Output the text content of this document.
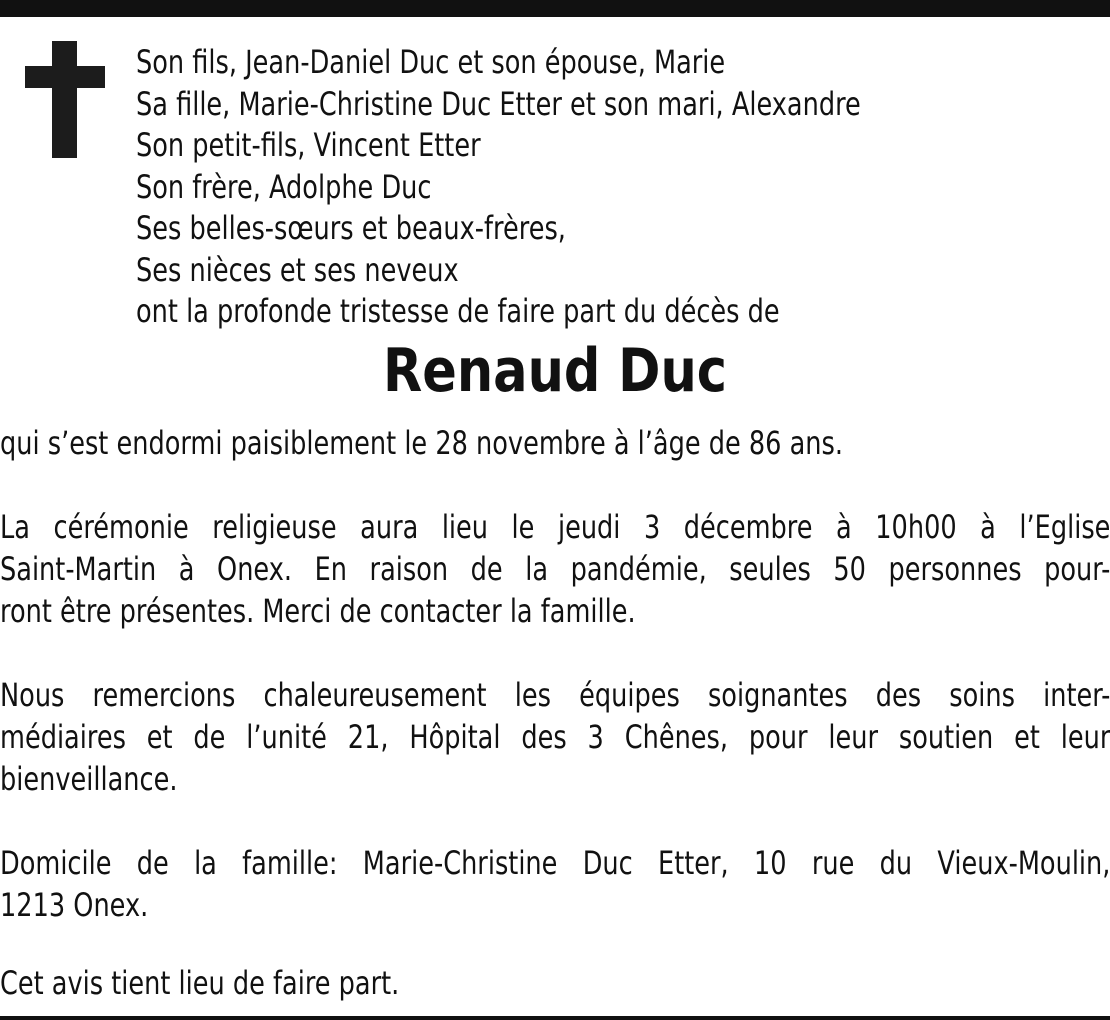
Son fils, Jean-Daniel Duc et son épouse, Marie
Sa fille, Marie-Christine Duc Etter et son mari, Alexandre
Son petit-fils, Vincent Etter
Son frère, Adolphe Duc
Ses belles-sœurs et beaux-frères,
Ses nièces et ses neveux
ont la profonde tristesse de faire part du décès de
Renaud Duc
qui s’est endormi paisiblement le 28 novembre à l’âge de 86 ans.
La cérémonie religieuse aura lieu le jeudi 3 décembre à 10h00 à l’Eglise
Saint-Martin à Onex. En raison de la pandémie, seules 50 personnes pour-
ront être présentes. Merci de contacter la famille.
Nous remercions chaleureusement les équipes soignantes des soins inter-
médiaires et de l’unité 21, Hôpital des 3 Chênes, pour leur soutien et leur
bienveillance.
Domicile de la famille: Marie-Christine Duc Etter, 10 rue du Vieux-Moulin,
1213 Onex.
Cet avis tient lieu de faire part.
